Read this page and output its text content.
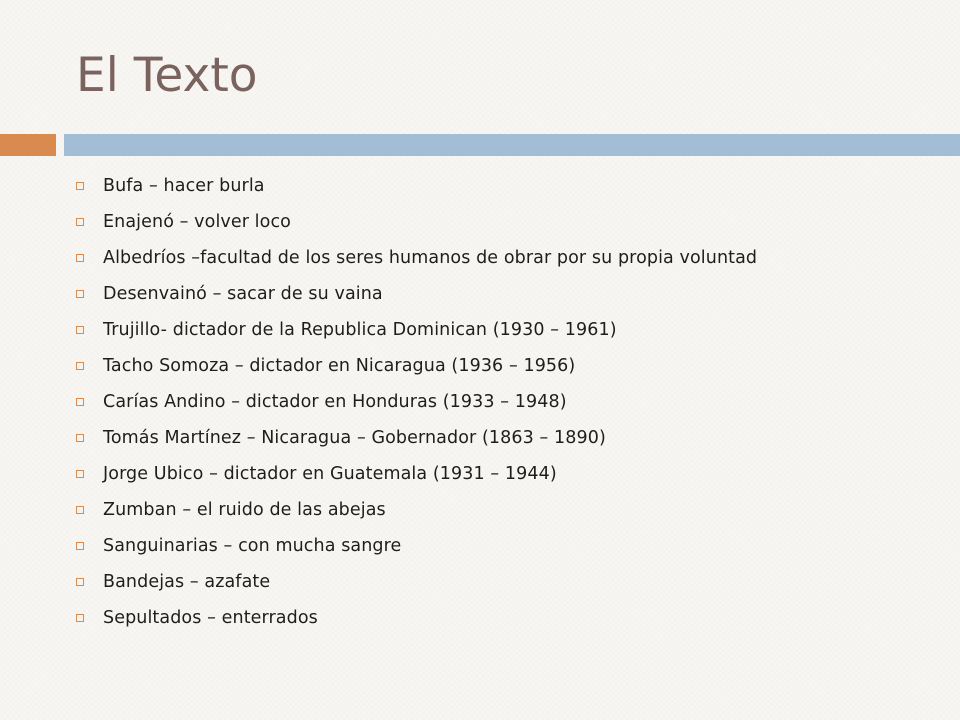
El Texto
Bufa – hacer burla
Enajenó – volver loco
Albedríos –facultad de los seres humanos de obrar por su propia voluntad
Desenvainó – sacar de su vaina
Trujillo- dictador de la Republica Dominican (1930 – 1961)
Tacho Somoza – dictador en Nicaragua (1936 – 1956)
Carías Andino – dictador en Honduras (1933 – 1948)
Tomás Martínez – Nicaragua – Gobernador (1863 – 1890)
Jorge Ubico – dictador en Guatemala (1931 – 1944)
Zumban – el ruido de las abejas
Sanguinarias – con mucha sangre
Bandejas – azafate
Sepultados – enterrados
